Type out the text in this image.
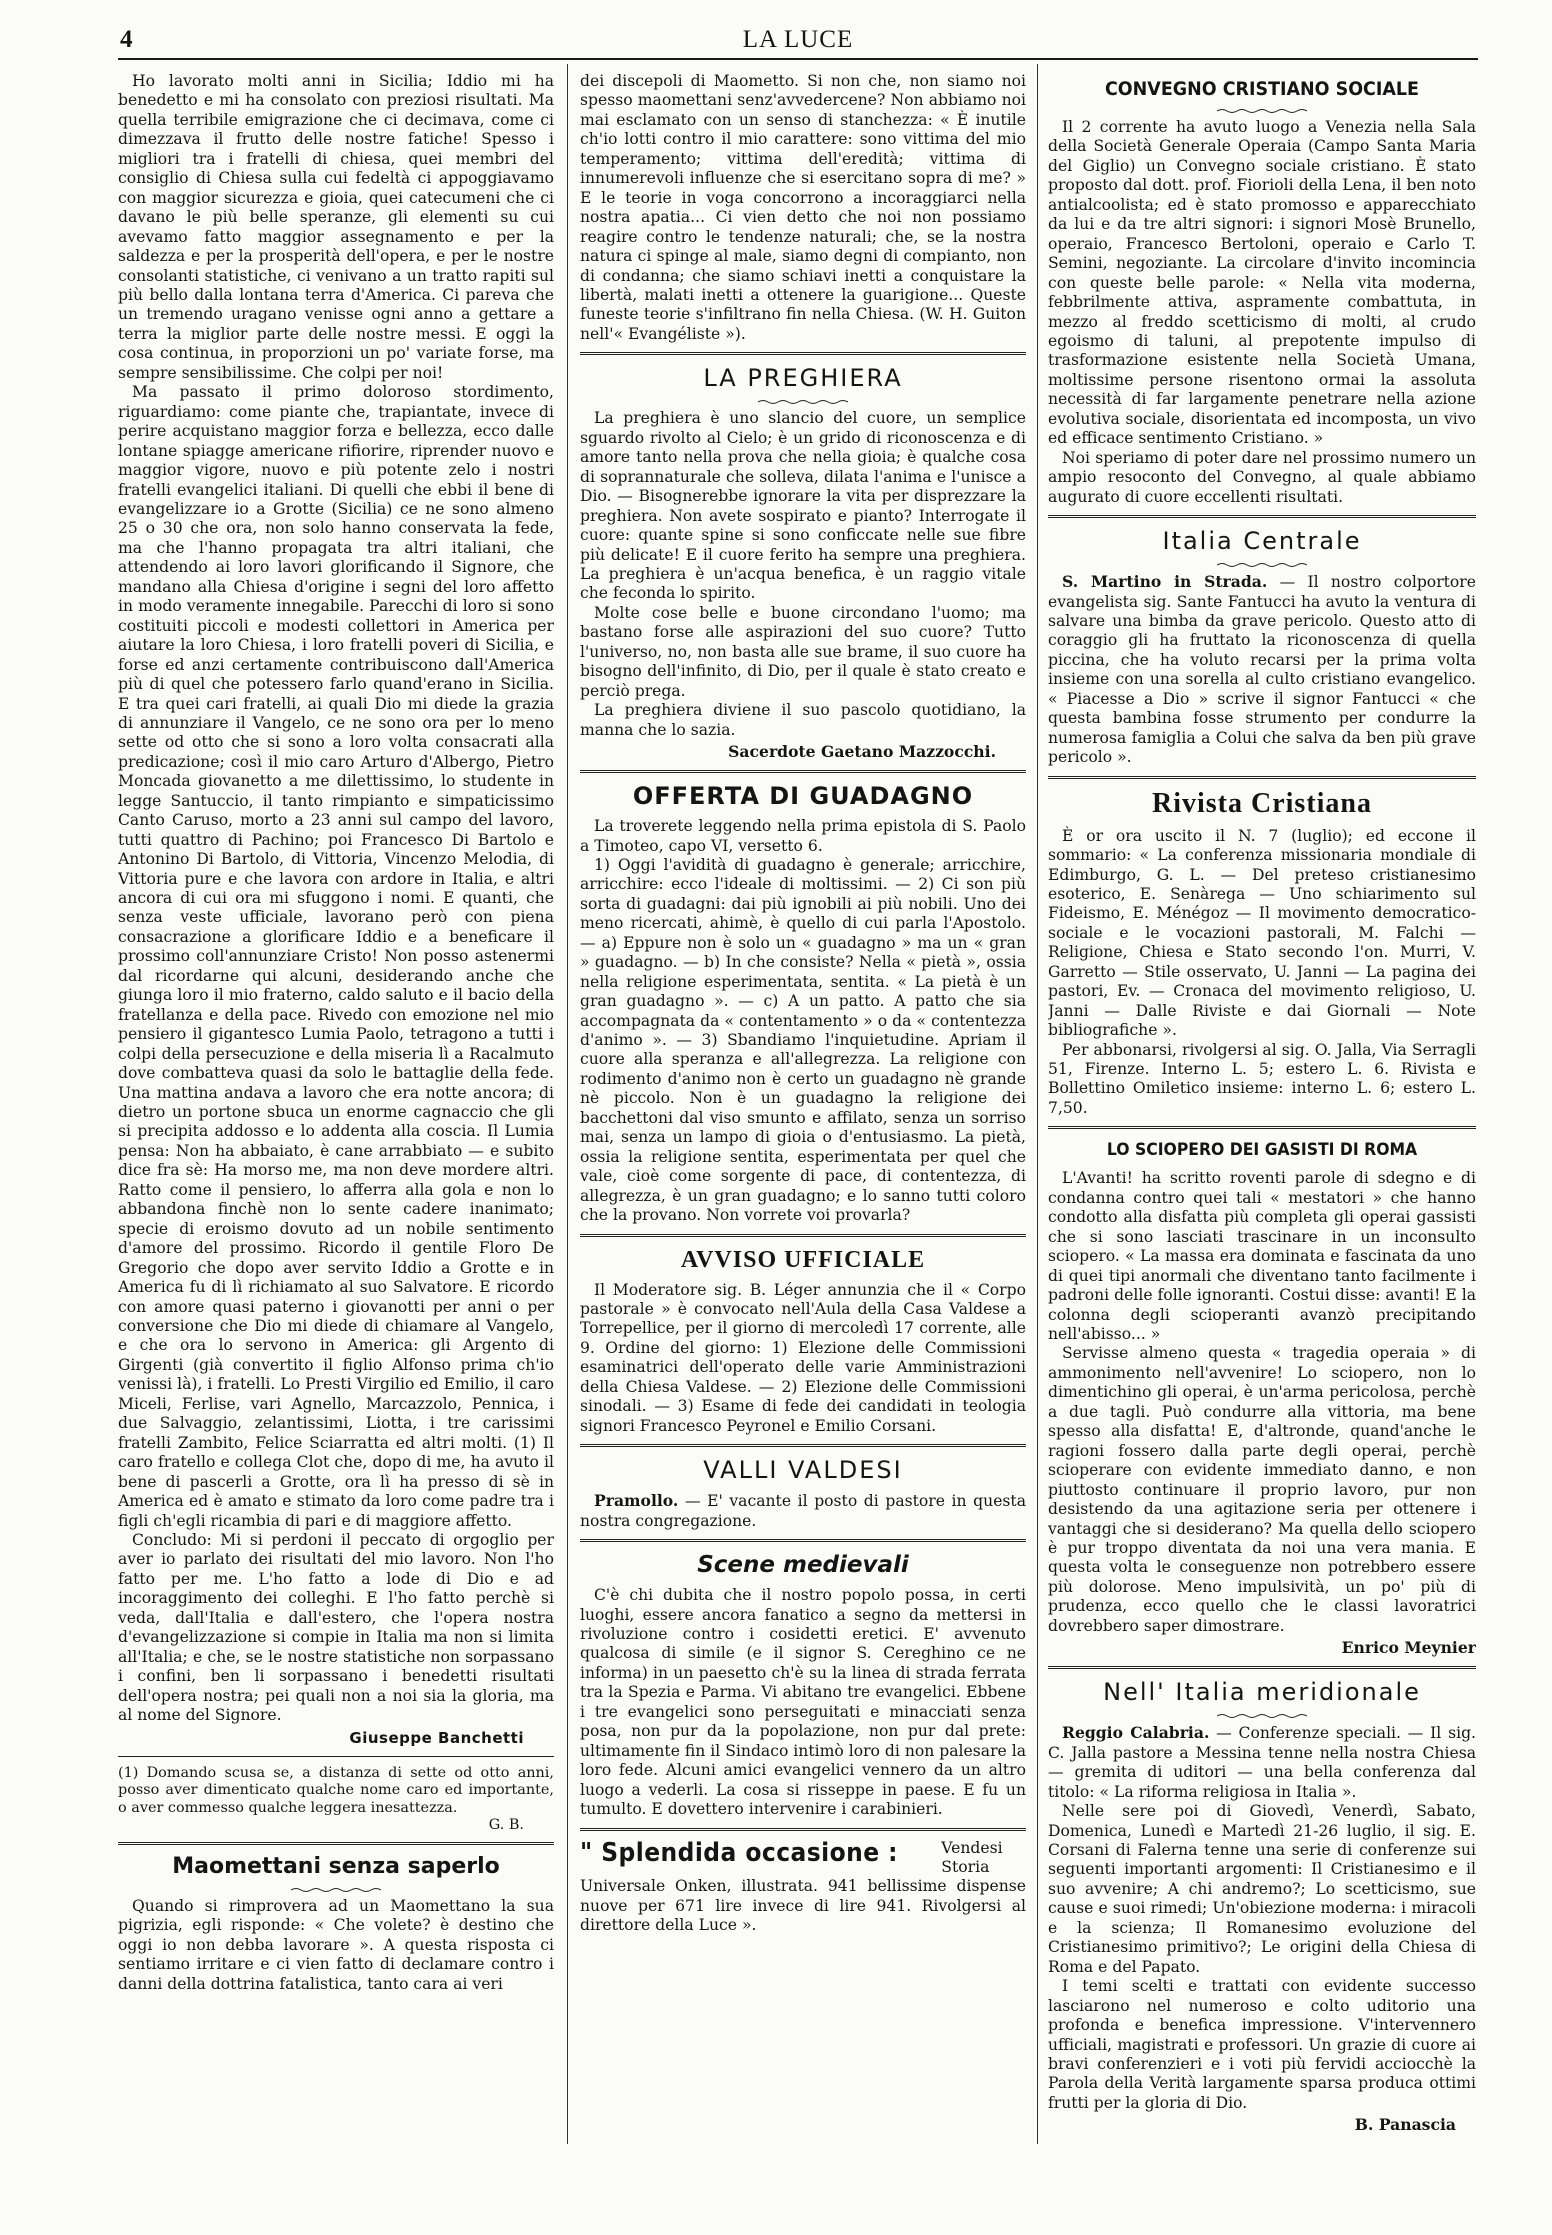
4	LA LUCE

Ho lavorato molti anni in Sicilia; Iddio mi ha benedetto e mi ha consolato con preziosi risultati. Ma quella terribile emigrazione che ci decimava, come ci dimezzava il frutto delle nostre fatiche! Spesso i migliori tra i fratelli di chiesa, quei membri del consiglio di Chiesa sulla cui fedeltà ci appoggiavamo con maggior sicurezza e gioia, quei catecumeni che ci davano le più belle speranze, gli elementi su cui avevamo fatto maggior assegnamento e per la saldezza e per la prosperità dell'opera, e per le nostre consolanti statistiche, ci venivano a un tratto rapiti sul più bello dalla lontana terra d'America. Ci pareva che un tremendo uragano venisse ogni anno a gettare a terra la miglior parte delle nostre messi. E oggi la cosa continua, in proporzioni un po' variate forse, ma sempre sensibilissime. Che colpi per noi!

Ma passato il primo doloroso stordimento, riguardiamo: come piante che, trapiantate, invece di perire acquistano maggior forza e bellezza, ecco dalle lontane spiagge americane rifiorire, riprender nuovo e maggior vigore, nuovo e più potente zelo i nostri fratelli evangelici italiani. Di quelli che ebbi il bene di evangelizzare io a Grotte (Sicilia) ce ne sono almeno 25 o 30 che ora, non solo hanno conservata la fede, ma che l'hanno propagata tra altri italiani, che attendendo ai loro lavori glorificando il Signore, che mandano alla Chiesa d'origine i segni del loro affetto in modo veramente innegabile. Parecchi di loro si sono costituiti piccoli e modesti collettori in America per aiutare la loro Chiesa, i loro fratelli poveri di Sicilia, e forse ed anzi certamente contribuiscono dall'America più di quel che potessero farlo quand'erano in Sicilia. E tra quei cari fratelli, ai quali Dio mi diede la grazia di annunziare il Vangelo, ce ne sono ora per lo meno sette od otto che si sono a loro volta consacrati alla predicazione; così il mio caro Arturo d'Albergo, Pietro Moncada giovanetto a me dilettissimo, lo studente in legge Santuccio, il tanto rimpianto e simpaticissimo Canto Caruso, morto a 23 anni sul campo del lavoro, tutti quattro di Pachino; poi Francesco Di Bartolo e Antonino Di Bartolo, di Vittoria, Vincenzo Melodia, di Vittoria pure e che lavora con ardore in Italia, e altri ancora di cui ora mi sfuggono i nomi. E quanti, che senza veste ufficiale, lavorano però con piena consacrazione a glorificare Iddio e a beneficare il prossimo coll'annunziare Cristo! Non posso astenermi dal ricordarne qui alcuni, desiderando anche che giunga loro il mio fraterno, caldo saluto e il bacio della fratellanza e della pace. Rivedo con emozione nel mio pensiero il gigantesco Lumia Paolo, tetragono a tutti i colpi della persecuzione e della miseria lì a Racalmuto dove combatteva quasi da solo le battaglie della fede. Una mattina andava a lavoro che era notte ancora; di dietro un portone sbuca un enorme cagnaccio che gli si precipita addosso e lo addenta alla coscia. Il Lumia pensa: Non ha abbaiato, è cane arrabbiato — e subito dice fra sè: Ha morso me, ma non deve mordere altri. Ratto come il pensiero, lo afferra alla gola e non lo abbandona finchè non lo sente cadere inanimato; specie di eroismo dovuto ad un nobile sentimento d'amore del prossimo. Ricordo il gentile Floro De Gregorio che dopo aver servito Iddio a Grotte e in America fu di lì richiamato al suo Salvatore. E ricordo con amore quasi paterno i giovanotti per anni o per conversione che Dio mi diede di chiamare al Vangelo, e che ora lo servono in America: gli Argento di Girgenti (già convertito il figlio Alfonso prima ch'io venissi là), i fratelli. Lo Presti Virgilio ed Emilio, il caro Miceli, Ferlise, vari Agnello, Marcazzolo, Pennica, i due Salvaggio, zelantissimi, Liotta, i tre carissimi fratelli Zambito, Felice Sciarratta ed altri molti. (1) Il caro fratello e collega Clot che, dopo di me, ha avuto il bene di pascerli a Grotte, ora lì ha presso di sè in America ed è amato e stimato da loro come padre tra i figli ch'egli ricambia di pari e di maggiore affetto.

Concludo: Mi si perdoni il peccato di orgoglio per aver io parlato dei risultati del mio lavoro. Non l'ho fatto per me. L'ho fatto a lode di Dio e ad incoraggimento dei colleghi. E l'ho fatto perchè si veda, dall'Italia e dall'estero, che l'opera nostra d'evangelizzazione si compie in Italia ma non si limita all'Italia; e che, se le nostre statistiche non sorpassano i confini, ben li sorpassano i benedetti risultati dell'opera nostra; pei quali non a noi sia la gloria, ma al nome del Signore.

Giuseppe Banchetti

(1) Domando scusa se, a distanza di sette od otto anni, posso aver dimenticato qualche nome caro ed importante, o aver commesso qualche leggera inesattezza.

G. B.
Maomettani senza saperlo

Quando si rimprovera ad un Maomettano la sua pigrizia, egli risponde: « Che volete? è destino che oggi io non debba lavorare ». A questa risposta ci sentiamo irritare e ci vien fatto di declamare contro i danni della dottrina fatalistica, tanto cara ai veri

dei discepoli di Maometto. Si non che, non siamo noi spesso maomettani senz'avvedercene? Non abbiamo noi mai esclamato con un senso di stanchezza: « È inutile ch'io lotti contro il mio carattere: sono vittima del mio temperamento; vittima dell'eredità; vittima di innumerevoli influenze che si esercitano sopra di me? » E le teorie in voga concorrono a incoraggiarci nella nostra apatia... Ci vien detto che noi non possiamo reagire contro le tendenze naturali; che, se la nostra natura ci spinge al male, siamo degni di compianto, non di condanna; che siamo schiavi inetti a conquistare la libertà, malati inetti a ottenere la guarigione... Queste funeste teorie s'infiltrano fin nella Chiesa. (W. H. Guiton nell'« Evangéliste »).

LA PREGHIERA

La preghiera è uno slancio del cuore, un semplice sguardo rivolto al Cielo; è un grido di riconoscenza e di amore tanto nella prova che nella gioia; è qualche cosa di soprannaturale che solleva, dilata l'anima e l'unisce a Dio. — Bisognerebbe ignorare la vita per disprezzare la preghiera. Non avete sospirato e pianto? Interrogate il cuore: quante spine si sono conficcate nelle sue fibre più delicate! E il cuore ferito ha sempre una preghiera. La preghiera è un'acqua benefica, è un raggio vitale che feconda lo spirito.

Molte cose belle e buone circondano l'uomo; ma bastano forse alle aspirazioni del suo cuore? Tutto l'universo, no, non basta alle sue brame, il suo cuore ha bisogno dell'infinito, di Dio, per il quale è stato creato e perciò prega.

La preghiera diviene il suo pascolo quotidiano, la manna che lo sazia.

Sacerdote Gaetano Mazzocchi.
OFFERTA DI GUADAGNO

La troverete leggendo nella prima epistola di S. Paolo a Timoteo, capo VI, versetto 6.

1) Oggi l'avidità di guadagno è generale; arricchire, arricchire: ecco l'ideale di moltissimi. — 2) Ci son più sorta di guadagni: dai più ignobili ai più nobili. Uno dei meno ricercati, ahimè, è quello di cui parla l'Apostolo. — a) Eppure non è solo un « guadagno » ma un « gran » guadagno. — b) In che consiste? Nella « pietà », ossia nella religione esperimentata, sentita. « La pietà è un gran guadagno ». — c) A un patto. A patto che sia accompagnata da « contentamento » o da « contentezza d'animo ». — 3) Sbandiamo l'inquietudine. Apriam il cuore alla speranza e all'allegrezza. La religione con rodimento d'animo non è certo un guadagno nè grande nè piccolo. Non è un guadagno la religione dei bacchettoni dal viso smunto e affilato, senza un sorriso mai, senza un lampo di gioia o d'entusiasmo. La pietà, ossia la religione sentita, esperimentata per quel che vale, cioè come sorgente di pace, di contentezza, di allegrezza, è un gran guadagno; e lo sanno tutti coloro che la provano. Non vorrete voi provarla?

AVVISO UFFICIALE

Il Moderatore sig. B. Léger annunzia che il « Corpo pastorale » è convocato nell'Aula della Casa Valdese a Torrepellice, per il giorno di mercoledì 17 corrente, alle 9. Ordine del giorno: 1) Elezione delle Commissioni esaminatrici dell'operato delle varie Amministrazioni della Chiesa Valdese. — 2) Elezione delle Commissioni sinodali. — 3) Esame di fede dei candidati in teologia signori Francesco Peyronel e Emilio Corsani.

VALLI VALDESI

Pramollo. — E' vacante il posto di pastore in questa nostra congregazione.

Scene medievali

C'è chi dubita che il nostro popolo possa, in certi luoghi, essere ancora fanatico a segno da mettersi in rivoluzione contro i cosidetti eretici. E' avvenuto qualcosa di simile (e il signor S. Cereghino ce ne informa) in un paesetto ch'è su la linea di strada ferrata tra la Spezia e Parma. Vi abitano tre evangelici. Ebbene i tre evangelici sono perseguitati e minacciati senza posa, non pur da la popolazione, non pur dal prete: ultimamente fin il Sindaco intimò loro di non palesare la loro fede. Alcuni amici evangelici vennero da un altro luogo a vederli. La cosa si risseppe in paese. E fu un tumulto. E dovettero intervenire i carabinieri.

" Splendida occasione :	Vendesi Storia Universale Onken, illustrata. 941 bellissime dispense nuove per 671 lire invece di lire 941. Rivolgersi al direttore della Luce ».

CONVEGNO CRISTIANO SOCIALE

Il 2 corrente ha avuto luogo a Venezia nella Sala della Società Generale Operaia (Campo Santa Maria del Giglio) un Convegno sociale cristiano. È stato proposto dal dott. prof. Fiorioli della Lena, il ben noto antialcoolista; ed è stato promosso e apparecchiato da lui e da tre altri signori: i signori Mosè Brunello, operaio, Francesco Bertoloni, operaio e Carlo T. Semini, negoziante. La circolare d'invito incomincia con queste belle parole: « Nella vita moderna, febbrilmente attiva, aspramente combattuta, in mezzo al freddo scetticismo di molti, al crudo egoismo di taluni, al prepotente impulso di trasformazione esistente nella Società Umana, moltissime persone risentono ormai la assoluta necessità di far largamente penetrare nella azione evolutiva sociale, disorientata ed incomposta, un vivo ed efficace sentimento Cristiano. »

Noi speriamo di poter dare nel prossimo numero un ampio resoconto del Convegno, al quale abbiamo augurato di cuore eccellenti risultati.

Italia Centrale

S. Martino in Strada. — Il nostro colportore evangelista sig. Sante Fantucci ha avuto la ventura di salvare una bimba da grave pericolo. Questo atto di coraggio gli ha fruttato la riconoscenza di quella piccina, che ha voluto recarsi per la prima volta insieme con una sorella al culto cristiano evangelico. « Piacesse a Dio » scrive il signor Fantucci « che questa bambina fosse strumento per condurre la numerosa famiglia a Colui che salva da ben più grave pericolo ».

Rivista Cristiana

È or ora uscito il N. 7 (luglio); ed eccone il sommario: « La conferenza missionaria mondiale di Edimburgo, G. L. — Del preteso cristianesimo esoterico, E. Senàrega — Uno schiarimento sul Fideismo, E. Ménégoz — Il movimento democratico-sociale e le vocazioni pastorali, M. Falchi — Religione, Chiesa e Stato secondo l'on. Murri, V. Garretto — Stile osservato, U. Janni — La pagina dei pastori, Ev. — Cronaca del movimento religioso, U. Janni — Dalle Riviste e dai Giornali — Note bibliografiche ».

Per abbonarsi, rivolgersi al sig. O. Jalla, Via Serragli 51, Firenze. Interno L. 5; estero L. 6. Rivista e Bollettino Omiletico insieme: interno L. 6; estero L. 7,50.

LO SCIOPERO DEI GASISTI DI ROMA

L'Avanti! ha scritto roventi parole di sdegno e di condanna contro quei tali « mestatori » che hanno condotto alla disfatta più completa gli operai gassisti che si sono lasciati trascinare in un inconsulto sciopero. « La massa era dominata e fascinata da uno di quei tipi anormali che diventano tanto facilmente i padroni delle folle ignoranti. Costui disse: avanti! E la colonna degli scioperanti avanzò precipitando nell'abisso... »

Servisse almeno questa « tragedia operaia » di ammonimento nell'avvenire! Lo sciopero, non lo dimentichino gli operai, è un'arma pericolosa, perchè a due tagli. Può condurre alla vittoria, ma bene spesso alla disfatta! E, d'altronde, quand'anche le ragioni fossero dalla parte degli operai, perchè scioperare con evidente immediato danno, e non piuttosto continuare il proprio lavoro, pur non desistendo da una agitazione seria per ottenere i vantaggi che si desiderano? Ma quella dello sciopero è pur troppo diventata da noi una vera mania. E questa volta le conseguenze non potrebbero essere più dolorose. Meno impulsività, un po' più di prudenza, ecco quello che le classi lavoratrici dovrebbero saper dimostrare.

Enrico Meynier
Nell' Italia meridionale

Reggio Calabria. — Conferenze speciali. — Il sig. C. Jalla pastore a Messina tenne nella nostra Chiesa — gremita di uditori — una bella conferenza dal titolo: « La riforma religiosa in Italia ».

Nelle sere poi di Giovedì, Venerdì, Sabato, Domenica, Lunedì e Martedì 21-26 luglio, il sig. E. Corsani di Falerna tenne una serie di conferenze sui seguenti importanti argomenti: Il Cristianesimo e il suo avvenire; A chi andremo?; Lo scetticismo, sue cause e suoi rimedi; Un'obiezione moderna: i miracoli e la scienza; Il Romanesimo evoluzione del Cristianesimo primitivo?; Le origini della Chiesa di Roma e del Papato.

I temi scelti e trattati con evidente successo lasciarono nel numeroso e colto uditorio una profonda e benefica impressione. V'intervennero ufficiali, magistrati e professori. Un grazie di cuore ai bravi conferenzieri e i voti più fervidi acciocchè la Parola della Verità largamente sparsa produca ottimi frutti per la gloria di Dio.

B. Panascia
